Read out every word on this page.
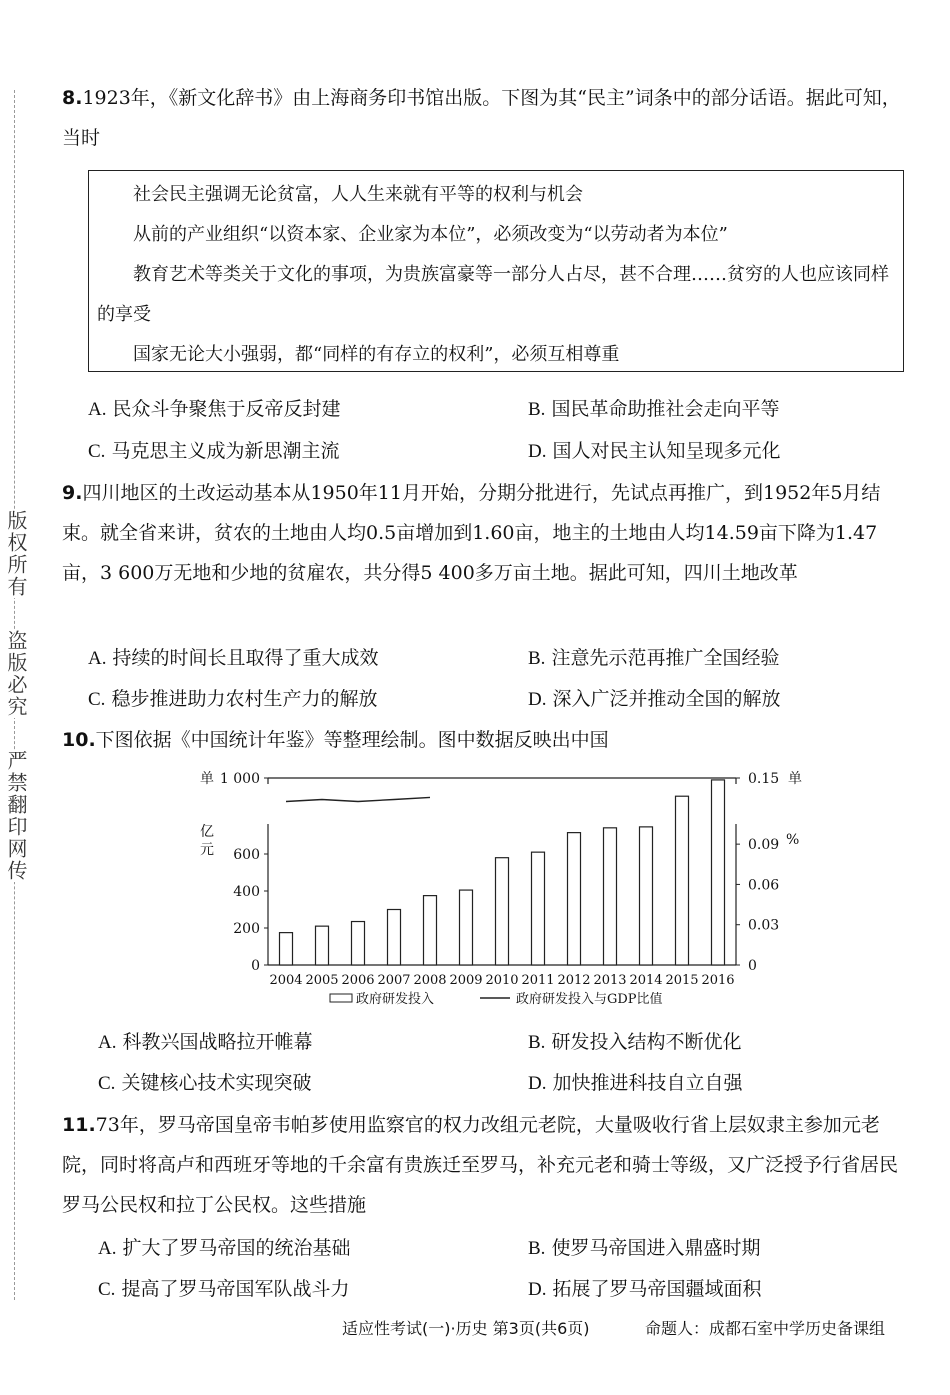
版权所有
盗版必究
严禁翻印网传
8.1923年，《新文化辞书》由上海商务印书馆出版。下图为其“民主”词条中的部分话语。据此可知，当时

社会民主强调无论贫富，人人生来就有平等的权利与机会

从前的产业组织“以资本家、企业家为本位”，必须改变为“以劳动者为本位”

教育艺术等类关于文化的事项，为贵族富豪等一部分人占尽，甚不合理……贫穷的人也应该同样的享受

国家无论大小强弱，都“同样的有存立的权利”，必须互相尊重

A. 民众斗争聚焦于反帝反封建	B. 国民革命助推社会走向平等
C. 马克思主义成为新思潮主流	D. 国人对民主认知呈现多元化
9.四川地区的土改运动基本从1950年11月开始，分期分批进行，先试点再推广，到1952年5月结束。就全省来讲，贫农的土地由人均0.5亩增加到1.60亩，地主的土地由人均14.59亩下降为1.47亩，3 600万无地和少地的贫雇农，共分得5 400多万亩土地。据此可知，四川土地改革
A. 持续的时间长且取得了重大成效	B. 注意先示范再推广全国经验
C. 稳步推进助力农村生产力的解放	D. 深入广泛并推动全国的解放
10.下图依据《中国统计年鉴》等整理绘制。图中数据反映出中国
0
200
400
600
1 000
单
亿
元
0
0.03
0.06
0.09
0.15 单
%
2004 2005 2006 2007 2008 2009 2010 2011 2012 2013 2014 2015 2016
政府研发投入	政府研发投入与GDP比值
A. 科教兴国战略拉开帷幕	B. 研发投入结构不断优化
C. 关键核心技术实现突破	D. 加快推进科技自立自强
11.73年，罗马帝国皇帝韦帕芗使用监察官的权力改组元老院，大量吸收行省上层奴隶主参加元老院，同时将高卢和西班牙等地的千余富有贵族迁至罗马，补充元老和骑士等级，又广泛授予行省居民罗马公民权和拉丁公民权。这些措施
A. 扩大了罗马帝国的统治基础	B. 使罗马帝国进入鼎盛时期
C. 提高了罗马帝国军队战斗力	D. 拓展了罗马帝国疆域面积
适应性考试(一)·历史 第3页(共6页)	命题人：成都石室中学历史备课组
